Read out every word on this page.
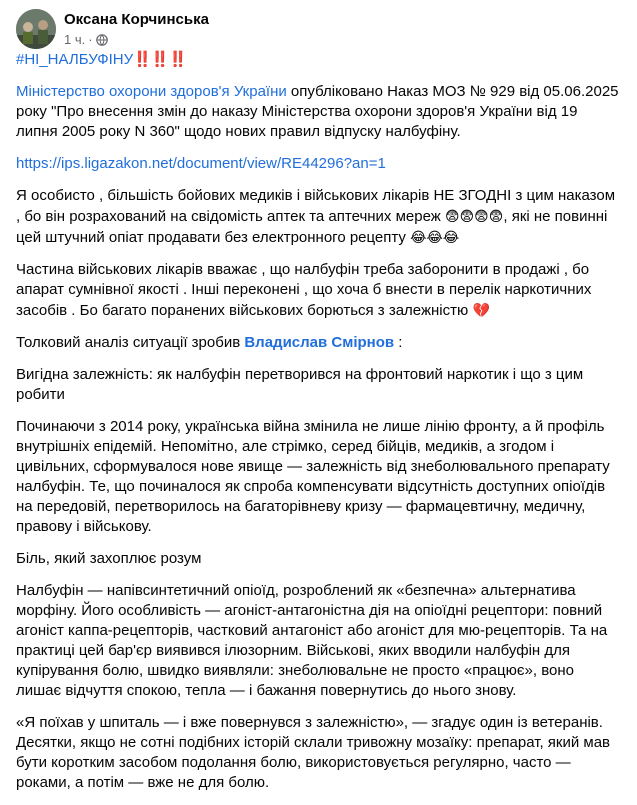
Оксана Корчинська
1 ч. ·

#НІ_НАЛБУФІНУ‼️‼️‼️

Міністерство охорони здоров'я України опубліковано Наказ МОЗ № 929 від 05.06.2025 року "Про внесення змін до наказу Міністерства охорони здоров'я України від 19 липня 2005 року N 360" щодо нових правил відпуску налбуфіну.

https://ips.ligazakon.net/document/view/RE44296?an=1

Я особисто , більшість бойових медиків і військових лікарів НЕ ЗГОДНІ з цим наказом , бо він розрахований на свідомість аптек та аптечних мереж 😨😨😨😨, які не повинні цей штучний опіат продавати без електронного рецепту 😂😂😂

Частина військових лікарів вважає , що налбуфін треба заборонити в продажі , бо апарат сумнівної якості . Інші переконені , що хоча б внести в перелік наркотичних засобів . Бо багато поранених військових борються з залежністю 💔

Толковий аналіз ситуації зробив Владислав Смірнов :

Вигідна залежність: як налбуфін перетворився на фронтовий наркотик і що з цим робити

Починаючи з 2014 року, українська війна змінила не лише лінію фронту, а й профіль внутрішніх епідемій. Непомітно, але стрімко, серед бійців, медиків, а згодом і цивільних, сформувалося нове явище — залежність від знеболювального препарату налбуфін. Те, що починалося як спроба компенсувати відсутність доступних опіоїдів на передовій, перетворилось на багаторівневу кризу — фармацевтичну, медичну, правову і військову.

Біль, який захоплює розум

Налбуфін — напівсинтетичний опіоїд, розроблений як «безпечна» альтернатива морфіну. Його особливість — агоніст-антагоністна дія на опіоїдні рецептори: повний агоніст каппа-рецепторів, частковий антагоніст або агоніст для мю-рецепторів. Та на практиці цей бар'єр виявився ілюзорним. Військові, яких вводили налбуфін для купірування болю, швидко виявляли: знеболювальне не просто «працює», воно лишає відчуття спокою, тепла — і бажання повернутись до нього знову.

«Я поїхав у шпиталь — і вже повернувся з залежністю», — згадує один із ветеранів. Десятки, якщо не сотні подібних історій склали тривожну мозаїку: препарат, який мав бути коротким засобом подолання болю, використовується регулярно, часто — роками, а потім — вже не для болю.
